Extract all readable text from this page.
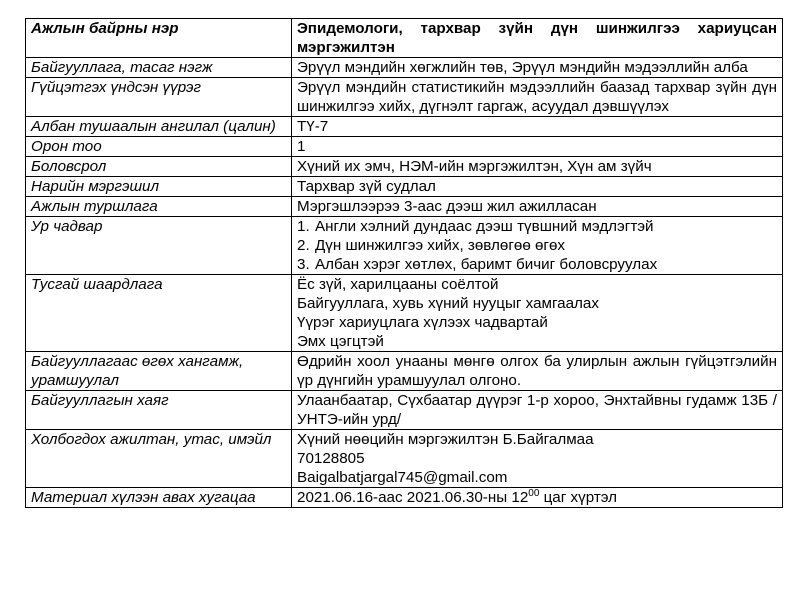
Ажлын байрны нэр	Эпидемологи, тархвар зүйн дүн шинжилгээ хариуцсан мэргэжилтэн
Байгууллага, тасаг нэгж	Эрүүл мэндийн хөгжлийн төв, Эрүүл мэндийн мэдээллийн алба
Гүйцэтгэх үндсэн үүрэг	Эрүүл мэндийн статистикийн мэдээллийн баазад тархвар зүйн дүн шинжилгээ хийх, дүгнэлт гаргаж, асуудал дэвшүүлэх
Албан тушаалын ангилал (цалин)	ТҮ-7
Орон тоо	1
Боловсрол	Хүний их эмч, НЭМ-ийн мэргэжилтэн, Хүн ам зүйч
Нарийн мэргэшил	Тархвар зүй судлал
Ажлын туршлага	Мэргэшлээрээ 3-аас дээш жил ажилласан
Ур чадвар	1. Англи хэлний дундаас дээш түвшний мэдлэгтэй
2. Дүн шинжилгээ хийх, зөвлөгөө өгөх
3. Албан хэрэг хөтлөх, баримт бичиг боловсруулах

Тусгай шаардлага	Ёс зүй, харилцааны соёлтой
Байгууллага, хувь хүний нууцыг хамгаалах
Үүрэг хариуцлага хүлээх чадвартай
Эмх цэгцтэй

Байгууллагаас өгөх хангамж, урамшуулал	Өдрийн хоол унааны мөнгө олгох ба улирлын ажлын гүйцэтгэлийн үр дүнгийн урамшуулал олгоно.
Байгууллагын хаяг	Улаанбаатар, Сүхбаатар дүүрэг 1-р хороо, Энхтайвны гудамж 13Б /УНТЭ-ийн урд/
Холбогдох ажилтан, утас, имэйл	Хүний нөөцийн мэргэжилтэн Б.Байгалмаа
70128805
Baigalbatjargal745@gmail.com

Материал хүлээн авах хугацаа	2021.06.16-аас 2021.06.30-ны $12^{00}$ цаг хүртэл
